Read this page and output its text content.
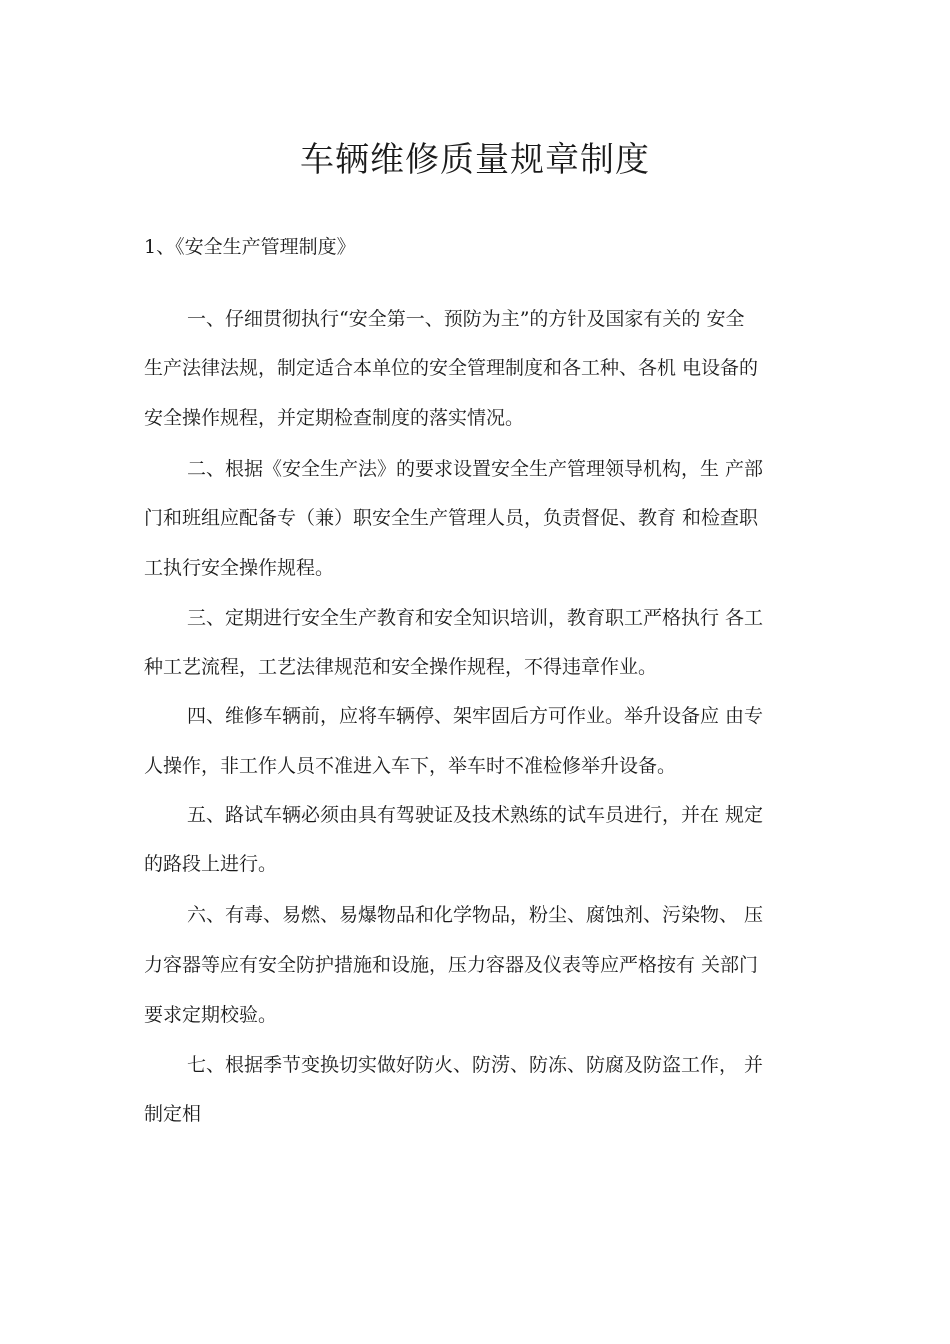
车辆维修质量规章制度

1、《安全生产管理制度》

一、仔细贯彻执行“安全第一、预防为主”的方针及国家有关的 安全

生产法律法规，制定适合本单位的安全管理制度和各工种、各机 电设备的

安全操作规程，并定期检查制度的落实情况。

二、根据《安全生产法》的要求设置安全生产管理领导机构，生 产部

门和班组应配备专（兼）职安全生产管理人员，负责督促、教育 和检查职

工执行安全操作规程。

三、定期进行安全生产教育和安全知识培训，教育职工严格执行 各工

种工艺流程，工艺法律规范和安全操作规程，不得违章作业。

四、维修车辆前，应将车辆停、架牢固后方可作业。举升设备应 由专

人操作，非工作人员不准进入车下，举车时不准检修举升设备。

五、路试车辆必须由具有驾驶证及技术熟练的试车员进行，并在 规定

的路段上进行。

六、有毒、易燃、易爆物品和化学物品，粉尘、腐蚀剂、污染物、 压

力容器等应有安全防护措施和设施，压力容器及仪表等应严格按有 关部门

要求定期校验。

七、根据季节变换切实做好防火、防涝、防冻、防腐及防盗工作， 并

制定相
